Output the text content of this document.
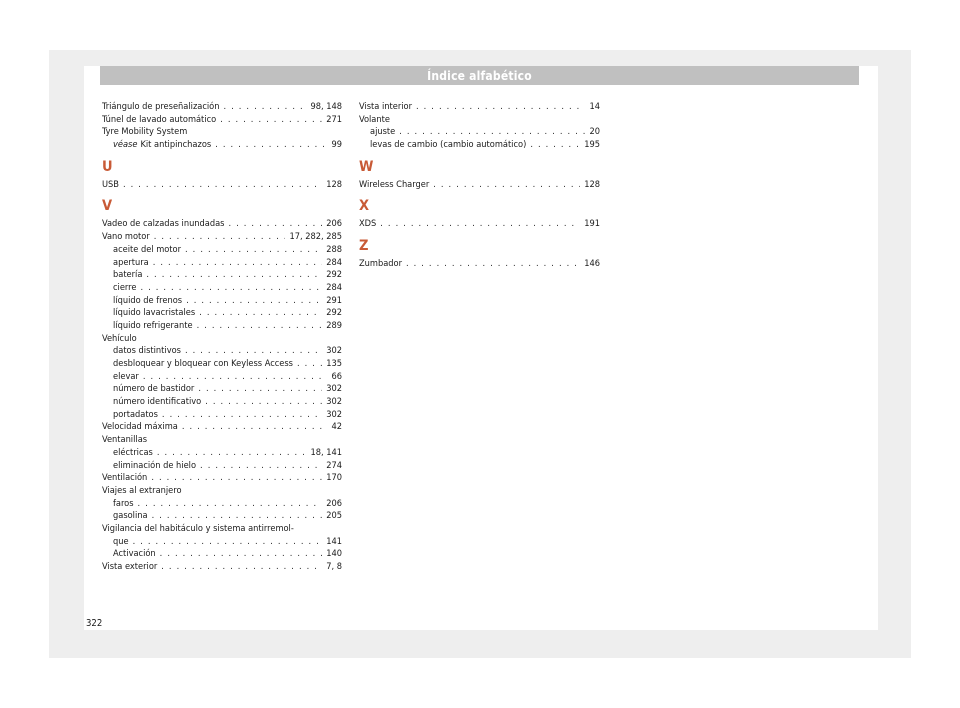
Índice alfabético
Triángulo de preseñalización . . .	98, 148
Túnel de lavado automático . . .	271
Tyre Mobility System
véase Kit antipinchazos . . .	99
U
USB . . .	128
V
Vadeo de calzadas inundadas . . .	206
Vano motor . . .	17, 282, 285
aceite del motor . . .	288
apertura . . .	284
batería . . .	292
cierre . . .	284
líquido de frenos . . .	291
líquido lavacristales . . .	292
líquido refrigerante . . .	289
Vehículo
datos distintivos . . .	302
desbloquear y bloquear con Keyless Access . . .	135
elevar . . .	66
número de bastidor . . .	302
número identificativo . . .	302
portadatos . . .	302
Velocidad máxima . . .	42
Ventanillas
eléctricas . . .	18, 141
eliminación de hielo . . .	274
Ventilación . . .	170
Viajes al extranjero
faros . . .	206
gasolina . . .	205
Vigilancia del habitáculo y sistema antirremol-
que . . .	141
Activación . . .	140
Vista exterior . . .	7, 8
Vista interior . . .	14
Volante
ajuste . . .	20
levas de cambio (cambio automático) . . .	195
W
Wireless Charger . . .	128
X
XDS . . .	191
Z
Zumbador . . .	146
322
